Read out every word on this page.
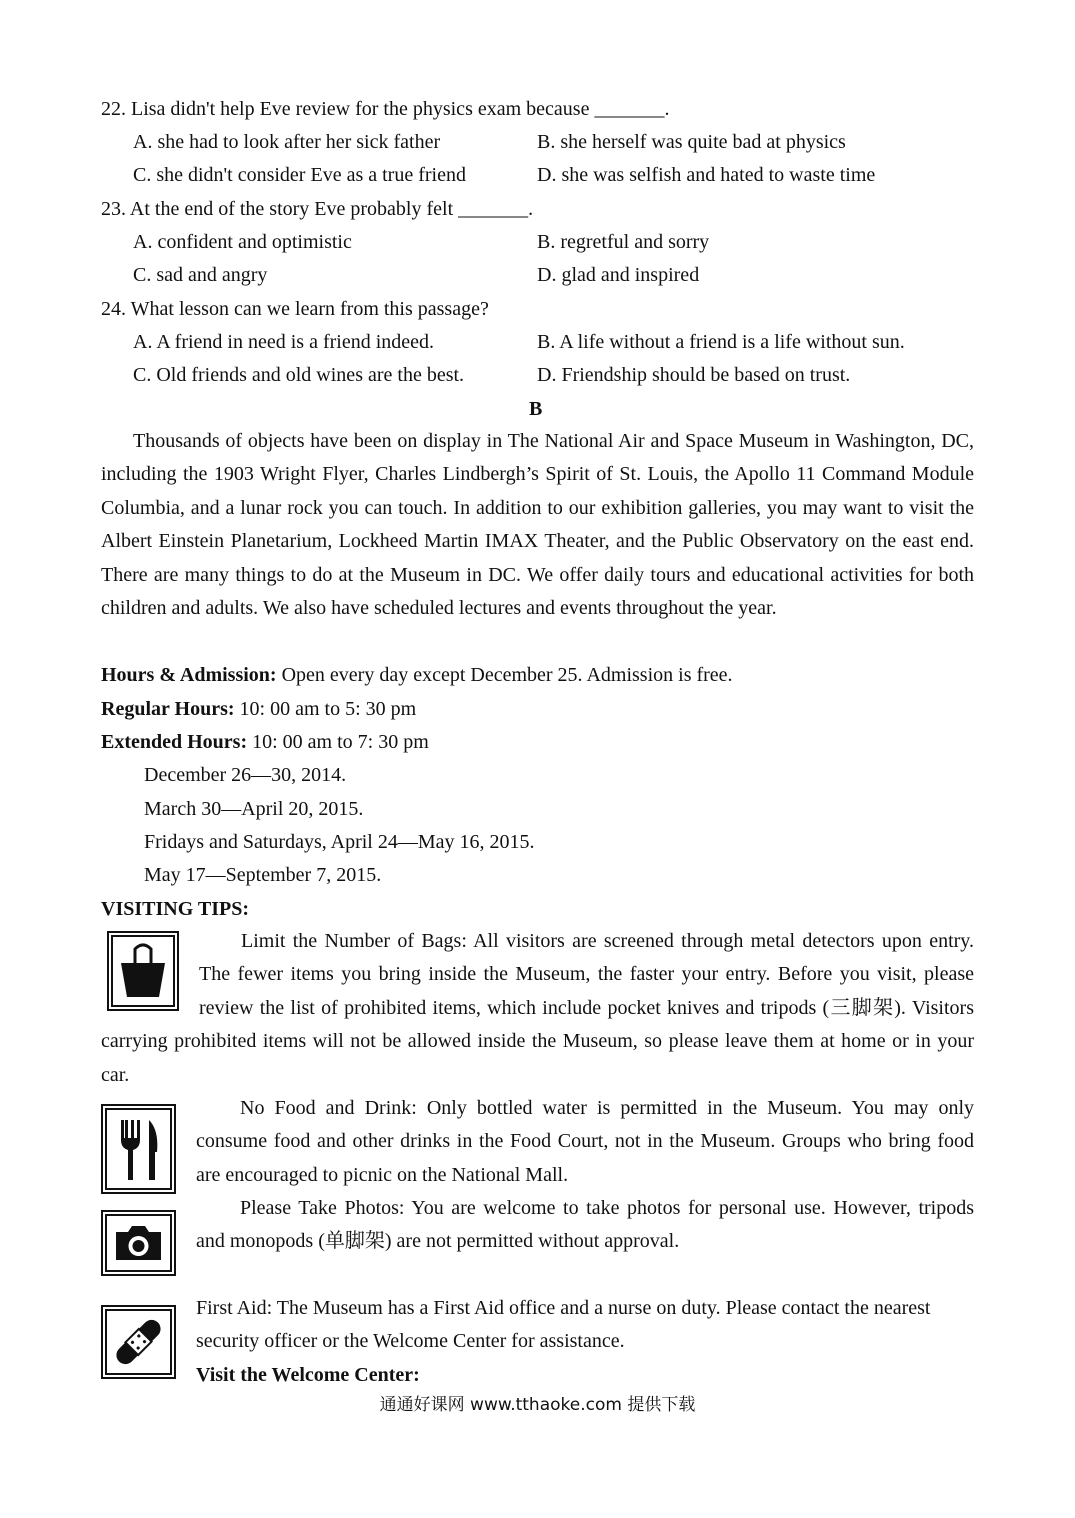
22. Lisa didn't help Eve review for the physics exam because _______.
A. she had to look after her sick father	B. she herself was quite bad at physics
C. she didn't consider Eve as a true friend	D. she was selfish and hated to waste time
23. At the end of the story Eve probably felt _______.
A. confident and optimistic	B. regretful and sorry
C. sad and angry	D. glad and inspired
24. What lesson can we learn from this passage?
A. A friend in need is a friend indeed.	B. A life without a friend is a life without sun.
C. Old friends and old wines are the best.	D. Friendship should be based on trust.
B
Thousands of objects have been on display in The National Air and Space Museum in Washington, DC, including the 1903 Wright Flyer, Charles Lindbergh’s Spirit of St. Louis, the Apollo 11 Command Module Columbia, and a lunar rock you can touch. In addition to our exhibition galleries, you may want to visit the Albert Einstein Planetarium, Lockheed Martin IMAX Theater, and the Public Observatory on the east end. There are many things to do at the Museum in DC. We offer daily tours and educational activities for both children and adults. We also have scheduled lectures and events throughout the year.
Hours & Admission: Open every day except December 25. Admission is free.
Regular Hours: 10: 00 am to 5: 30 pm
Extended Hours: 10: 00 am to 7: 30 pm
December 26—30, 2014.
March 30—April 20, 2015.
Fridays and Saturdays, April 24—May 16, 2015.
May 17—September 7, 2015.
VISITING TIPS:
Limit the Number of Bags: All visitors are screened through metal detectors upon entry. The fewer items you bring inside the Museum, the faster your entry. Before you visit, please review the list of prohibited items, which include pocket knives and tripods (三脚架). Visitors carrying prohibited items will not be allowed inside the Museum, so please leave them at home or in your car.
No Food and Drink: Only bottled water is permitted in the Museum. You may only consume food and other drinks in the Food Court, not in the Museum. Groups who bring food are encouraged to picnic on the National Mall.
Please Take Photos: You are welcome to take photos for personal use. However, tripods and monopods (单脚架) are not permitted without approval.
First Aid: The Museum has a First Aid office and a nurse on duty. Please contact the nearest security officer or the Welcome Center for assistance.
Visit the Welcome Center:
通通好课网 www.tthaoke.com 提供下载
